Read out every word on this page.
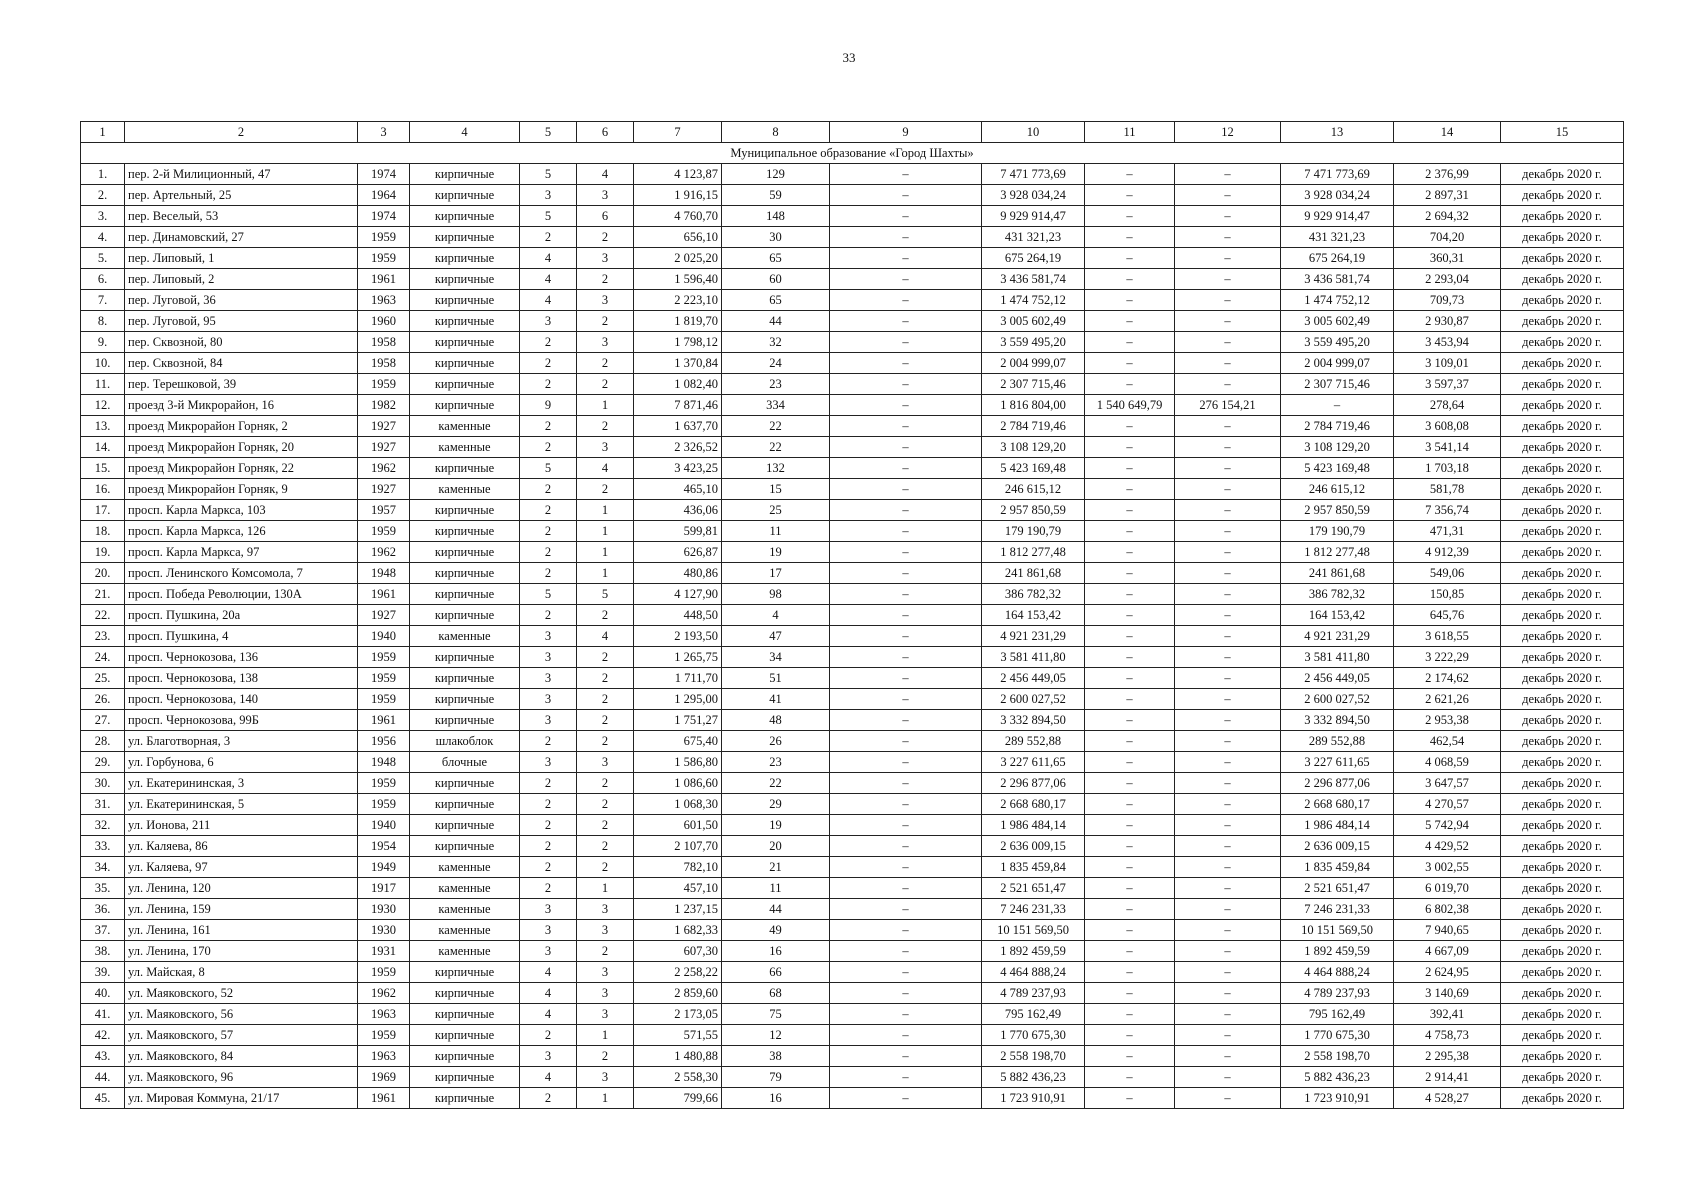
33
1	2	3	4	5	6	7	8	9	10	11	12	13	14	15
Муниципальное образование «Город Шахты»														
1.	пер. 2-й Милиционный, 47	1974	кирпичные	5	4	4 123,87	129	–	7 471 773,69	–	–	7 471 773,69	2 376,99	декабрь 2020 г.
2.	пер. Артельный, 25	1964	кирпичные	3	3	1 916,15	59	–	3 928 034,24	–	–	3 928 034,24	2 897,31	декабрь 2020 г.
3.	пер. Веселый, 53	1974	кирпичные	5	6	4 760,70	148	–	9 929 914,47	–	–	9 929 914,47	2 694,32	декабрь 2020 г.
4.	пер. Динамовский, 27	1959	кирпичные	2	2	656,10	30	–	431 321,23	–	–	431 321,23	704,20	декабрь 2020 г.
5.	пер. Липовый, 1	1959	кирпичные	4	3	2 025,20	65	–	675 264,19	–	–	675 264,19	360,31	декабрь 2020 г.
6.	пер. Липовый, 2	1961	кирпичные	4	2	1 596,40	60	–	3 436 581,74	–	–	3 436 581,74	2 293,04	декабрь 2020 г.
7.	пер. Луговой, 36	1963	кирпичные	4	3	2 223,10	65	–	1 474 752,12	–	–	1 474 752,12	709,73	декабрь 2020 г.
8.	пер. Луговой, 95	1960	кирпичные	3	2	1 819,70	44	–	3 005 602,49	–	–	3 005 602,49	2 930,87	декабрь 2020 г.
9.	пер. Сквозной, 80	1958	кирпичные	2	3	1 798,12	32	–	3 559 495,20	–	–	3 559 495,20	3 453,94	декабрь 2020 г.
10.	пер. Сквозной, 84	1958	кирпичные	2	2	1 370,84	24	–	2 004 999,07	–	–	2 004 999,07	3 109,01	декабрь 2020 г.
11.	пер. Терешковой, 39	1959	кирпичные	2	2	1 082,40	23	–	2 307 715,46	–	–	2 307 715,46	3 597,37	декабрь 2020 г.
12.	проезд 3-й Микрорайон, 16	1982	кирпичные	9	1	7 871,46	334	–	1 816 804,00	1 540 649,79	276 154,21	–	278,64	декабрь 2020 г.
13.	проезд Микрорайон Горняк, 2	1927	каменные	2	2	1 637,70	22	–	2 784 719,46	–	–	2 784 719,46	3 608,08	декабрь 2020 г.
14.	проезд Микрорайон Горняк, 20	1927	каменные	2	3	2 326,52	22	–	3 108 129,20	–	–	3 108 129,20	3 541,14	декабрь 2020 г.
15.	проезд Микрорайон Горняк, 22	1962	кирпичные	5	4	3 423,25	132	–	5 423 169,48	–	–	5 423 169,48	1 703,18	декабрь 2020 г.
16.	проезд Микрорайон Горняк, 9	1927	каменные	2	2	465,10	15	–	246 615,12	–	–	246 615,12	581,78	декабрь 2020 г.
17.	просп. Карла Маркса, 103	1957	кирпичные	2	1	436,06	25	–	2 957 850,59	–	–	2 957 850,59	7 356,74	декабрь 2020 г.
18.	просп. Карла Маркса, 126	1959	кирпичные	2	1	599,81	11	–	179 190,79	–	–	179 190,79	471,31	декабрь 2020 г.
19.	просп. Карла Маркса, 97	1962	кирпичные	2	1	626,87	19	–	1 812 277,48	–	–	1 812 277,48	4 912,39	декабрь 2020 г.
20.	просп. Ленинского Комсомола, 7	1948	кирпичные	2	1	480,86	17	–	241 861,68	–	–	241 861,68	549,06	декабрь 2020 г.
21.	просп. Победа Революции, 130А	1961	кирпичные	5	5	4 127,90	98	–	386 782,32	–	–	386 782,32	150,85	декабрь 2020 г.
22.	просп. Пушкина, 20а	1927	кирпичные	2	2	448,50	4	–	164 153,42	–	–	164 153,42	645,76	декабрь 2020 г.
23.	просп. Пушкина, 4	1940	каменные	3	4	2 193,50	47	–	4 921 231,29	–	–	4 921 231,29	3 618,55	декабрь 2020 г.
24.	просп. Чернокозова, 136	1959	кирпичные	3	2	1 265,75	34	–	3 581 411,80	–	–	3 581 411,80	3 222,29	декабрь 2020 г.
25.	просп. Чернокозова, 138	1959	кирпичные	3	2	1 711,70	51	–	2 456 449,05	–	–	2 456 449,05	2 174,62	декабрь 2020 г.
26.	просп. Чернокозова, 140	1959	кирпичные	3	2	1 295,00	41	–	2 600 027,52	–	–	2 600 027,52	2 621,26	декабрь 2020 г.
27.	просп. Чернокозова, 99Б	1961	кирпичные	3	2	1 751,27	48	–	3 332 894,50	–	–	3 332 894,50	2 953,38	декабрь 2020 г.
28.	ул. Благотворная, 3	1956	шлакоблок	2	2	675,40	26	–	289 552,88	–	–	289 552,88	462,54	декабрь 2020 г.
29.	ул. Горбунова, 6	1948	блочные	3	3	1 586,80	23	–	3 227 611,65	–	–	3 227 611,65	4 068,59	декабрь 2020 г.
30.	ул. Екатерининская, 3	1959	кирпичные	2	2	1 086,60	22	–	2 296 877,06	–	–	2 296 877,06	3 647,57	декабрь 2020 г.
31.	ул. Екатерининская, 5	1959	кирпичные	2	2	1 068,30	29	–	2 668 680,17	–	–	2 668 680,17	4 270,57	декабрь 2020 г.
32.	ул. Ионова, 211	1940	кирпичные	2	2	601,50	19	–	1 986 484,14	–	–	1 986 484,14	5 742,94	декабрь 2020 г.
33.	ул. Каляева, 86	1954	кирпичные	2	2	2 107,70	20	–	2 636 009,15	–	–	2 636 009,15	4 429,52	декабрь 2020 г.
34.	ул. Каляева, 97	1949	каменные	2	2	782,10	21	–	1 835 459,84	–	–	1 835 459,84	3 002,55	декабрь 2020 г.
35.	ул. Ленина, 120	1917	каменные	2	1	457,10	11	–	2 521 651,47	–	–	2 521 651,47	6 019,70	декабрь 2020 г.
36.	ул. Ленина, 159	1930	каменные	3	3	1 237,15	44	–	7 246 231,33	–	–	7 246 231,33	6 802,38	декабрь 2020 г.
37.	ул. Ленина, 161	1930	каменные	3	3	1 682,33	49	–	10 151 569,50	–	–	10 151 569,50	7 940,65	декабрь 2020 г.
38.	ул. Ленина, 170	1931	каменные	3	2	607,30	16	–	1 892 459,59	–	–	1 892 459,59	4 667,09	декабрь 2020 г.
39.	ул. Майская, 8	1959	кирпичные	4	3	2 258,22	66	–	4 464 888,24	–	–	4 464 888,24	2 624,95	декабрь 2020 г.
40.	ул. Маяковского, 52	1962	кирпичные	4	3	2 859,60	68	–	4 789 237,93	–	–	4 789 237,93	3 140,69	декабрь 2020 г.
41.	ул. Маяковского, 56	1963	кирпичные	4	3	2 173,05	75	–	795 162,49	–	–	795 162,49	392,41	декабрь 2020 г.
42.	ул. Маяковского, 57	1959	кирпичные	2	1	571,55	12	–	1 770 675,30	–	–	1 770 675,30	4 758,73	декабрь 2020 г.
43.	ул. Маяковского, 84	1963	кирпичные	3	2	1 480,88	38	–	2 558 198,70	–	–	2 558 198,70	2 295,38	декабрь 2020 г.
44.	ул. Маяковского, 96	1969	кирпичные	4	3	2 558,30	79	–	5 882 436,23	–	–	5 882 436,23	2 914,41	декабрь 2020 г.
45.	ул. Мировая Коммуна, 21/17	1961	кирпичные	2	1	799,66	16	–	1 723 910,91	–	–	1 723 910,91	4 528,27	декабрь 2020 г.
